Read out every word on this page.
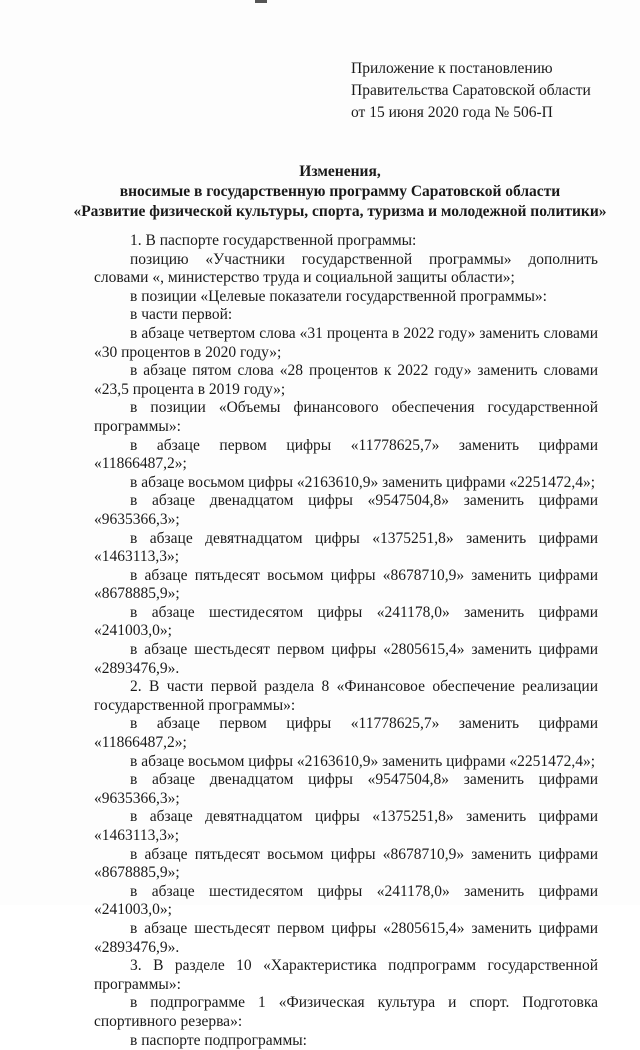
Приложение к постановлению
Правительства Саратовской области
от 15 июня 2020 года № 506-П
Изменения,
вносимые в государственную программу Саратовской области
«Развитие физической культуры, спорта, туризма и молодежной политики»

1. В паспорте государственной программы:

позицию «Участники государственной программы» дополнить словами «, министерство труда и социальной защиты области»;

в позиции «Целевые показатели государственной программы»:

в части первой:

в абзаце четвертом слова «31 процента в 2022 году» заменить словами «30 процентов в 2020 году»;

в абзаце пятом слова «28 процентов к 2022 году» заменить словами «23,5 процента в 2019 году»;

в позиции «Объемы финансового обеспечения государственной программы»:

в абзаце первом цифры «11778625,7» заменить цифрами «11866487,2»;

в абзаце восьмом цифры «2163610,9» заменить цифрами «2251472,4»;

в абзаце двенадцатом цифры «9547504,8» заменить цифрами «9635366,3»;

в абзаце девятнадцатом цифры «1375251,8» заменить цифрами «1463113,3»;

в абзаце пятьдесят восьмом цифры «8678710,9» заменить цифрами «8678885,9»;

в абзаце шестидесятом цифры «241178,0» заменить цифрами «241003,0»;

в абзаце шестьдесят первом цифры «2805615,4» заменить цифрами «2893476,9».

2. В части первой раздела 8 «Финансовое обеспечение реализации государственной программы»:

в абзаце первом цифры «11778625,7» заменить цифрами «11866487,2»;

в абзаце восьмом цифры «2163610,9» заменить цифрами «2251472,4»;

в абзаце двенадцатом цифры «9547504,8» заменить цифрами «9635366,3»;

в абзаце девятнадцатом цифры «1375251,8» заменить цифрами «1463113,3»;

в абзаце пятьдесят восьмом цифры «8678710,9» заменить цифрами «8678885,9»;

в абзаце шестидесятом цифры «241178,0» заменить цифрами «241003,0»;

в абзаце шестьдесят первом цифры «2805615,4» заменить цифрами «2893476,9».

3. В разделе 10 «Характеристика подпрограмм государственной программы»:

в подпрограмме 1 «Физическая культура и спорт. Подготовка спортивного резерва»:

в паспорте подпрограммы:
